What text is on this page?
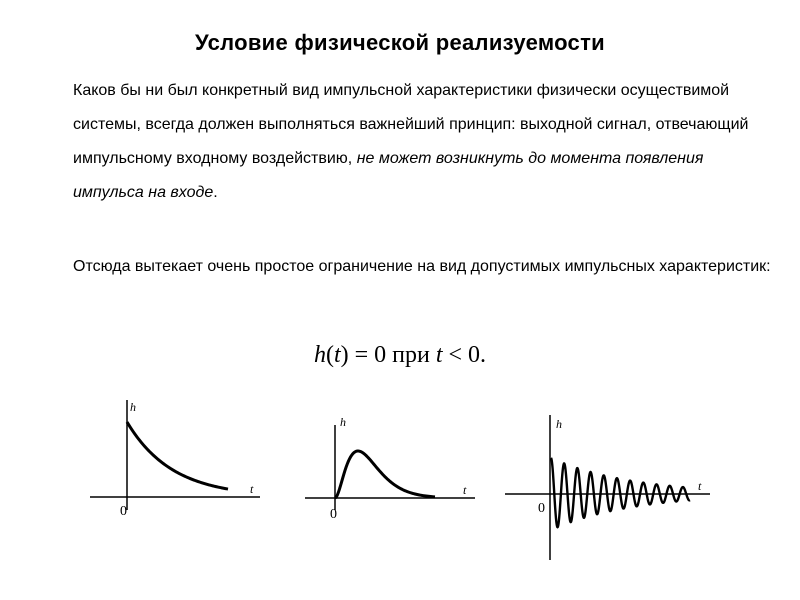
Условие физической реализуемости

Каков бы ни был конкретный вид импульсной характеристики физически осуществимой системы, всегда должен выполняться важнейший принцип: выходной сигнал, отвечающий импульсному входному воздействию, не может возникнуть до момента появления импульса на входе.

Отсюда вытекает очень простое ограничение на вид допустимых импульсных характеристик:

h(t) = 0 при t < 0.
h
t
0
h
t
0
h
t
0
